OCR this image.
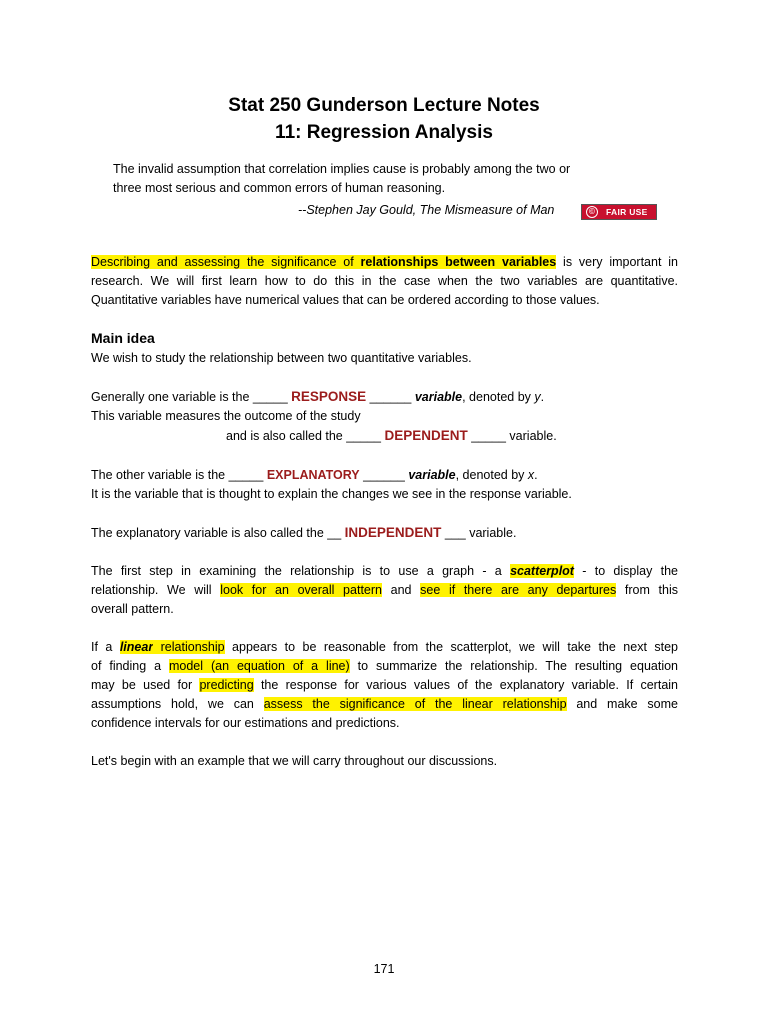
Stat 250 Gunderson Lecture Notes
11: Regression Analysis
The invalid assumption that correlation implies cause is probably among the two or
three most serious and common errors of human reasoning.
--Stephen Jay Gould, The Mismeasure of Man	©	FAIR USE
Describing and assessing the significance of relationships between variables is very important in
research. We will first learn how to do this in the case when the two variables are quantitative.
Quantitative variables have numerical values that can be ordered according to those values.
Main idea
We wish to study the relationship between two quantitative variables.
Generally one variable is the _____ RESPONSE ______ variable, denoted by y.
This variable measures the outcome of the study
and is also called the _____ DEPENDENT _____ variable.
The other variable is the _____ EXPLANATORY ______ variable, denoted by x.
It is the variable that is thought to explain the changes we see in the response variable.
The explanatory variable is also called the __ INDEPENDENT ___ variable.
The first step in examining the relationship is to use a graph - a scatterplot - to display the
relationship. We will look for an overall pattern and see if there are any departures from this
overall pattern.
If a linear relationship appears to be reasonable from the scatterplot, we will take the next step
of finding a model (an equation of a line) to summarize the relationship. The resulting equation
may be used for predicting the response for various values of the explanatory variable. If certain
assumptions hold, we can assess the significance of the linear relationship and make some
confidence intervals for our estimations and predictions.
Let's begin with an example that we will carry throughout our discussions.
171
